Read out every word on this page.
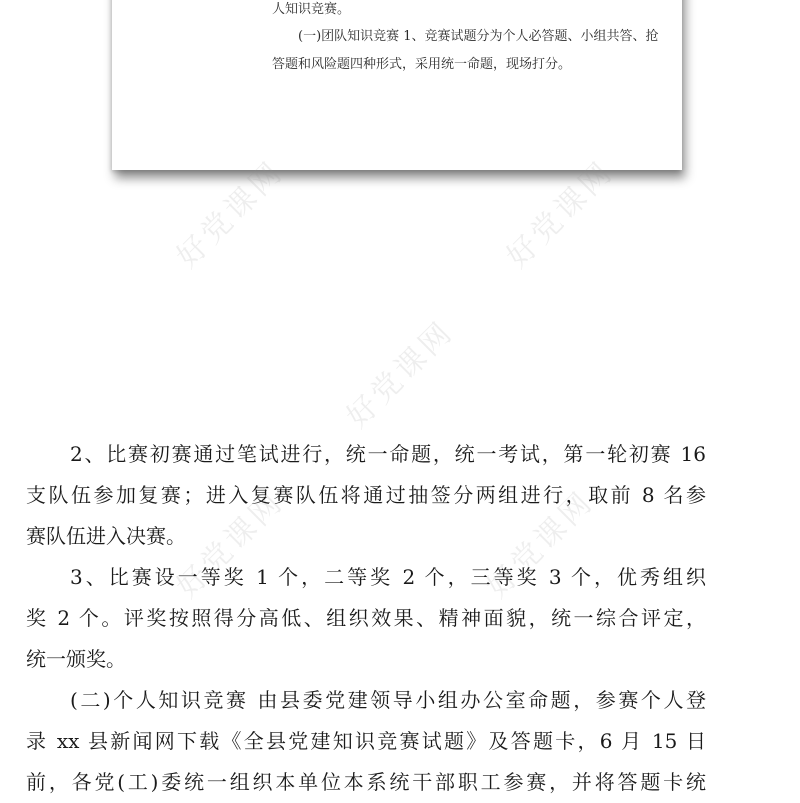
人知识竞赛。
(一)团队知识竞赛 1、竞赛试题分为个人必答题、小组共答、抢
答题和风险题四种形式，采用统一命题，现场打分。
好党课网	好党课网
好党课网
好党课网	好党课网
2、比赛初赛通过笔试进行，统一命题，统一考试，第一轮初赛 16
支队伍参加复赛；进入复赛队伍将通过抽签分两组进行，取前 8 名参
赛队伍进入决赛。
3、比赛设一等奖 1 个，二等奖 2 个，三等奖 3 个，优秀组织
奖 2 个。评奖按照得分高低、组织效果、精神面貌，统一综合评定，
统一颁奖。
(二)个人知识竞赛 由县委党建领导小组办公室命题，参赛个人登
录 xx 县新闻网下载《全县党建知识竞赛试题》及答题卡，6 月 15 日
前，各党(工)委统一组织本单位本系统干部职工参赛，并将答题卡统
